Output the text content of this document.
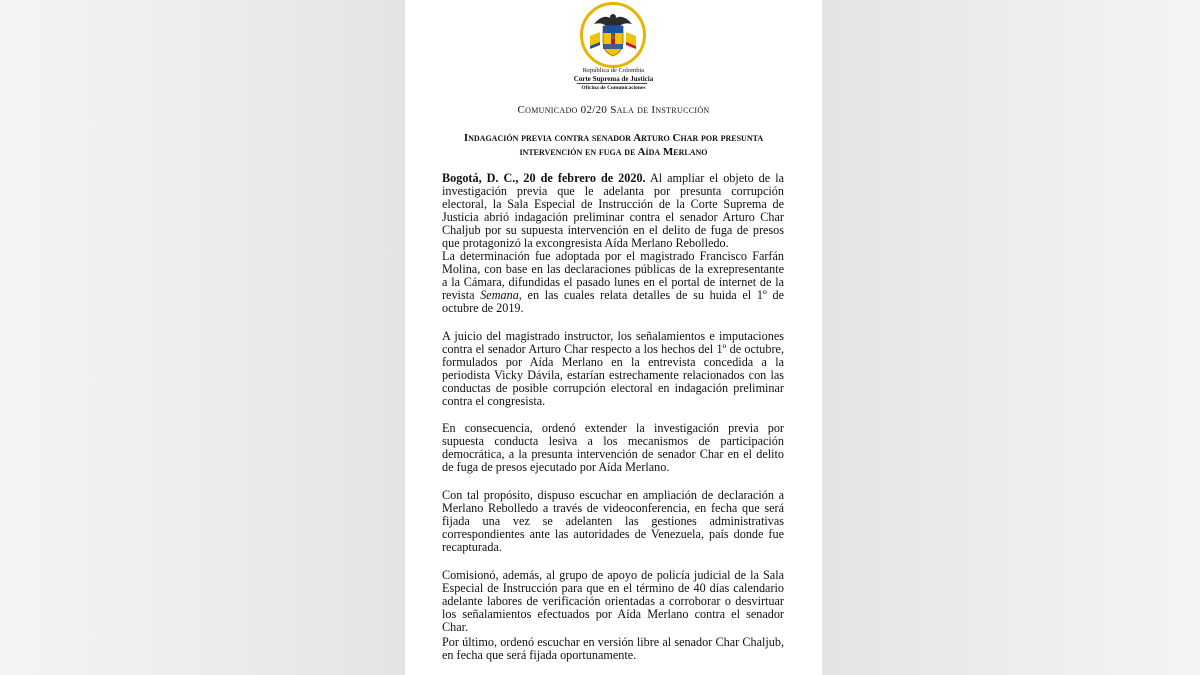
República de Colombia
Corte Suprema de Justicia
Oficina de Comunicaciones
Comunicado 02/20 Sala de Instrucción
Indagación previa contra senador Arturo Char por presunta intervención en fuga de Aída Merlano
Bogotá, D. C., 20 de febrero de 2020. Al ampliar el objeto de la investigación previa que le adelanta por presunta corrupción electoral, la Sala Especial de Instrucción de la Corte Suprema de Justicia abrió indagación preliminar contra el senador Arturo Char Chaljub por su supuesta intervención en el delito de fuga de presos que protagonizó la excongresista Aída Merlano Rebolledo.
La determinación fue adoptada por el magistrado Francisco Farfán Molina, con base en las declaraciones públicas de la exrepresentante a la Cámara, difundidas el pasado lunes en el portal de internet de la revista Semana, en las cuales relata detalles de su huida el 1º de octubre de 2019.
A juicio del magistrado instructor, los señalamientos e imputaciones contra el senador Arturo Char respecto a los hechos del 1º de octubre, formulados por Aída Merlano en la entrevista concedida a la periodista Vicky Dávila, estarían estrechamente relacionados con las conductas de posible corrupción electoral en indagación preliminar contra el congresista.
En consecuencia, ordenó extender la investigación previa por supuesta conducta lesiva a los mecanismos de participación democrática, a la presunta intervención de senador Char en el delito de fuga de presos ejecutado por Aída Merlano.
Con tal propósito, dispuso escuchar en ampliación de declaración a Merlano Rebolledo a través de videoconferencia, en fecha que será fijada una vez se adelanten las gestiones administrativas correspondientes ante las autoridades de Venezuela, país donde fue recapturada.
Comisionó, además, al grupo de apoyo de policía judicial de la Sala Especial de Instrucción para que en el término de 40 días calendario adelante labores de verificación orientadas a corroborar o desvirtuar los señalamientos efectuados por Aída Merlano contra el senador Char.
Por último, ordenó escuchar en versión libre al senador Char Chaljub, en fecha que será fijada oportunamente.
